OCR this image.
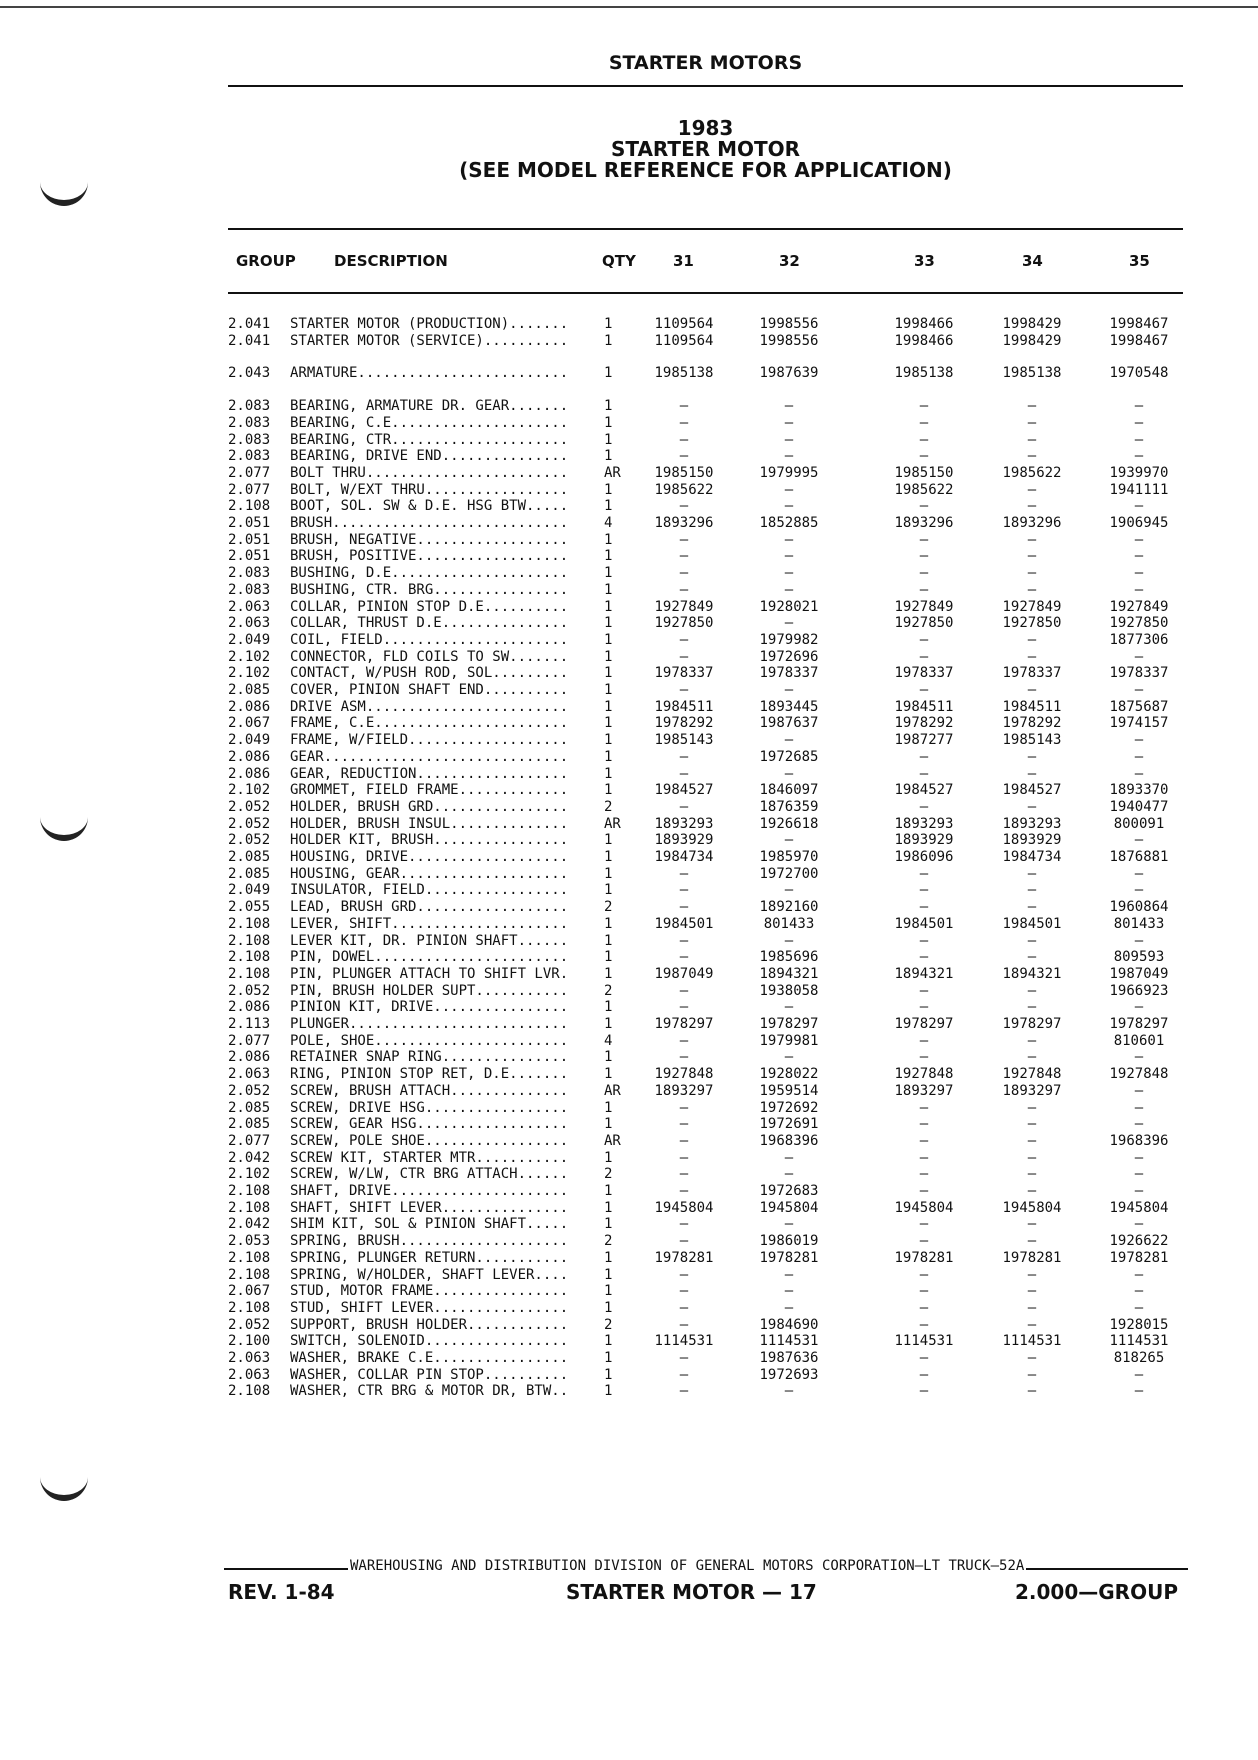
STARTER MOTORS
1983
STARTER MOTOR
(SEE MODEL REFERENCE FOR APPLICATION)
GROUP	DESCRIPTION	QTY 31	32	33	34	35
2.041 STARTER MOTOR (PRODUCTION).......	1	1109564	1998556	1998466	1998429	1998467
2.041 STARTER MOTOR (SERVICE)..........	1	1109564	1998556	1998466	1998429	1998467
2.043 ARMATURE.........................	1	1985138	1987639	1985138	1985138	1970548
2.083 BEARING, ARMATURE DR. GEAR.......	1	—	—	—	—	—
2.083 BEARING, C.E.....................	1	—	—	—	—	—
2.083 BEARING, CTR.....................	1	—	—	—	—	—
2.083 BEARING, DRIVE END...............	1	—	—	—	—	—
2.077 BOLT THRU........................	AR	1985150	1979995	1985150	1985622	1939970
2.077 BOLT, W/EXT THRU.................	1	1985622	—	1985622	—	1941111
2.108 BOOT, SOL. SW & D.E. HSG BTW.....	1	—	—	—	—	—
2.051 BRUSH............................	4	1893296	1852885	1893296	1893296	1906945
2.051 BRUSH, NEGATIVE..................	1	—	—	—	—	—
2.051 BRUSH, POSITIVE..................	1	—	—	—	—	—
2.083 BUSHING, D.E.....................	1	—	—	—	—	—
2.083 BUSHING, CTR. BRG................	1	—	—	—	—	—
2.063 COLLAR, PINION STOP D.E..........	1	1927849	1928021	1927849	1927849	1927849
2.063 COLLAR, THRUST D.E...............	1	1927850	—	1927850	1927850	1927850
2.049 COIL, FIELD......................	1	—	1979982	—	—	1877306
2.102 CONNECTOR, FLD COILS TO SW.......	1	—	1972696	—	—	—
2.102 CONTACT, W/PUSH ROD, SOL.........	1	1978337	1978337	1978337	1978337	1978337
2.085 COVER, PINION SHAFT END..........	1	—	—	—	—	—
2.086 DRIVE ASM........................	1	1984511	1893445	1984511	1984511	1875687
2.067 FRAME, C.E.......................	1	1978292	1987637	1978292	1978292	1974157
2.049 FRAME, W/FIELD...................	1	1985143	—	1987277	1985143	—
2.086 GEAR.............................	1	—	1972685	—	—	—
2.086 GEAR, REDUCTION..................	1	—	—	—	—	—
2.102 GROMMET, FIELD FRAME.............	1	1984527	1846097	1984527	1984527	1893370
2.052 HOLDER, BRUSH GRD................	2	—	1876359	—	—	1940477
2.052 HOLDER, BRUSH INSUL..............	AR	1893293	1926618	1893293	1893293	800091
2.052 HOLDER KIT, BRUSH................	1	1893929	—	1893929	1893929	—
2.085 HOUSING, DRIVE...................	1	1984734	1985970	1986096	1984734	1876881
2.085 HOUSING, GEAR....................	1	—	1972700	—	—	—
2.049 INSULATOR, FIELD.................	1	—	—	—	—	—
2.055 LEAD, BRUSH GRD..................	2	—	1892160	—	—	1960864
2.108 LEVER, SHIFT.....................	1	1984501	801433	1984501	1984501	801433
2.108 LEVER KIT, DR. PINION SHAFT......	1	—	—	—	—	—
2.108 PIN, DOWEL.......................	1	—	1985696	—	—	809593
2.108 PIN, PLUNGER ATTACH TO SHIFT LVR.	1	1987049	1894321	1894321	1894321	1987049
2.052 PIN, BRUSH HOLDER SUPT...........	2	—	1938058	—	—	1966923
2.086 PINION KIT, DRIVE................	1	—	—	—	—	—
2.113 PLUNGER..........................	1	1978297	1978297	1978297	1978297	1978297
2.077 POLE, SHOE.......................	4	—	1979981	—	—	810601
2.086 RETAINER SNAP RING...............	1	—	—	—	—	—
2.063 RING, PINION STOP RET, D.E.......	1	1927848	1928022	1927848	1927848	1927848
2.052 SCREW, BRUSH ATTACH..............	AR	1893297	1959514	1893297	1893297	—
2.085 SCREW, DRIVE HSG.................	1	—	1972692	—	—	—
2.085 SCREW, GEAR HSG..................	1	—	1972691	—	—	—
2.077 SCREW, POLE SHOE.................	AR	—	1968396	—	—	1968396
2.042 SCREW KIT, STARTER MTR...........	1	—	—	—	—	—
2.102 SCREW, W/LW, CTR BRG ATTACH......	2	—	—	—	—	—
2.108 SHAFT, DRIVE.....................	1	—	1972683	—	—	—
2.108 SHAFT, SHIFT LEVER...............	1	1945804	1945804	1945804	1945804	1945804
2.042 SHIM KIT, SOL & PINION SHAFT.....	1	—	—	—	—	—
2.053 SPRING, BRUSH....................	2	—	1986019	—	—	1926622
2.108 SPRING, PLUNGER RETURN...........	1	1978281	1978281	1978281	1978281	1978281
2.108 SPRING, W/HOLDER, SHAFT LEVER....	1	—	—	—	—	—
2.067 STUD, MOTOR FRAME................	1	—	—	—	—	—
2.108 STUD, SHIFT LEVER................	1	—	—	—	—	—
2.052 SUPPORT, BRUSH HOLDER............	2	—	1984690	—	—	1928015
2.100 SWITCH, SOLENOID.................	1	1114531	1114531	1114531	1114531	1114531
2.063 WASHER, BRAKE C.E................	1	—	1987636	—	—	818265
2.063 WASHER, COLLAR PIN STOP..........	1	—	1972693	—	—	—
2.108 WASHER, CTR BRG & MOTOR DR, BTW..	1	—	—	—	—	—
WAREHOUSING AND DISTRIBUTION DIVISION OF GENERAL MOTORS CORPORATION—LT TRUCK—52A
REV. 1-84	STARTER MOTOR — 17	2.000—GROUP
